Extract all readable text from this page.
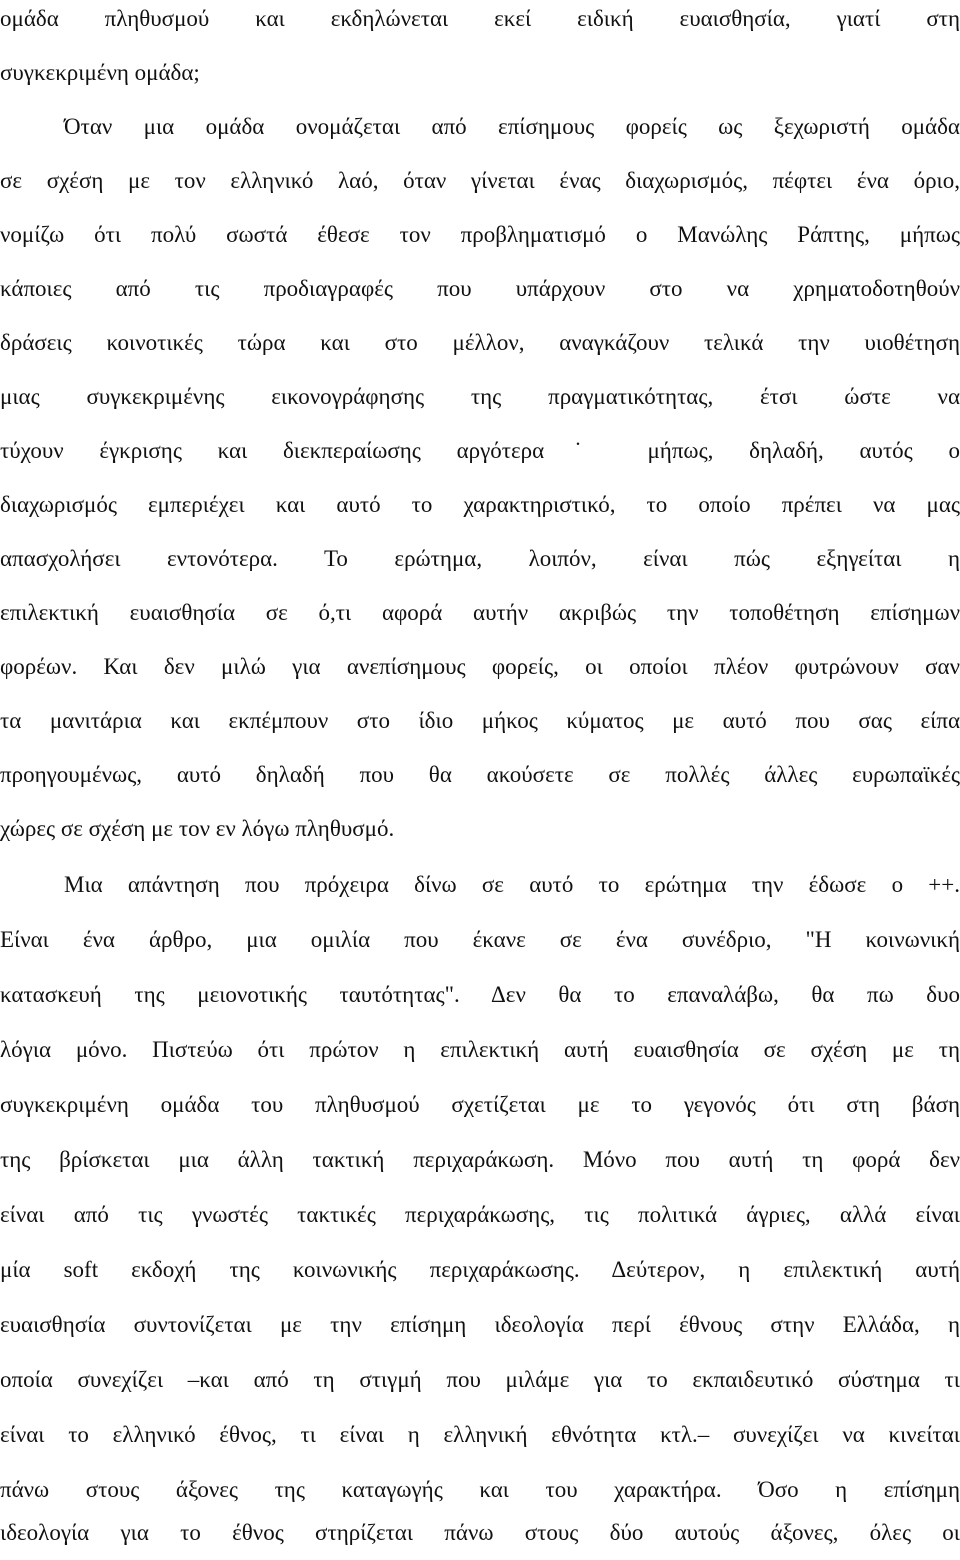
ομάδα πληθυσμού και εκδηλώνεται εκεί ειδική ευαισθησία, γιατί στη
συγκεκριμένη ομάδα;
Όταν μια ομάδα ονομάζεται από επίσημους φορείς ως ξεχωριστή ομάδα
σε σχέση με τον ελληνικό λαό, όταν γίνεται ένας διαχωρισμός, πέφτει ένα όριο,
νομίζω ότι πολύ σωστά έθεσε τον προβληματισμό ο Μανώλης Ράπτης, μήπως
κάποιες από τις προδιαγραφές που υπάρχουν στο να χρηματοδοτηθούν
δράσεις κοινοτικές τώρα και στο μέλλον, αναγκάζουν τελικά την υιοθέτηση
μιας συγκεκριμένης εικονογράφησης της πραγματικότητας, έτσι ώστε να
τύχουν έγκρισης και διεκπεραίωσης αργότερα˙ μήπως, δηλαδή, αυτός ο
διαχωρισμός εμπεριέχει και αυτό το χαρακτηριστικό, το οποίο πρέπει να μας
απασχολήσει εντονότερα. Το ερώτημα, λοιπόν, είναι πώς εξηγείται η
επιλεκτική ευαισθησία σε ό,τι αφορά αυτήν ακριβώς την τοποθέτηση επίσημων
φορέων. Και δεν μιλώ για ανεπίσημους φορείς, οι οποίοι πλέον φυτρώνουν σαν
τα μανιτάρια και εκπέμπουν στο ίδιο μήκος κύματος με αυτό που σας είπα
προηγουμένως, αυτό δηλαδή που θα ακούσετε σε πολλές άλλες ευρωπαϊκές
χώρες σε σχέση με τον εν λόγω πληθυσμό.
Μια απάντηση που πρόχειρα δίνω σε αυτό το ερώτημα την έδωσε ο ++.
Είναι ένα άρθρο, μια ομιλία που έκανε σε ένα συνέδριο, "Η κοινωνική
κατασκευή της μειονοτικής ταυτότητας". Δεν θα το επαναλάβω, θα πω δυο
λόγια μόνο. Πιστεύω ότι πρώτον η επιλεκτική αυτή ευαισθησία σε σχέση με τη
συγκεκριμένη ομάδα του πληθυσμού σχετίζεται με το γεγονός ότι στη βάση
της βρίσκεται μια άλλη τακτική περιχαράκωση. Μόνο που αυτή τη φορά δεν
είναι από τις γνωστές τακτικές περιχαράκωσης, τις πολιτικά άγριες, αλλά είναι
μία soft εκδοχή της κοινωνικής περιχαράκωσης. Δεύτερον, η επιλεκτική αυτή
ευαισθησία συντονίζεται με την επίσημη ιδεολογία περί έθνους στην Ελλάδα, η
οποία συνεχίζει –και από τη στιγμή που μιλάμε για το εκπαιδευτικό σύστημα τι
είναι το ελληνικό έθνος, τι είναι η ελληνική εθνότητα κτλ.– συνεχίζει να κινείται
πάνω στους άξονες της καταγωγής και του χαρακτήρα. Όσο η επίσημη
ιδεολογία για το έθνος στηρίζεται πάνω στους δύο αυτούς άξονες, όλες οι
